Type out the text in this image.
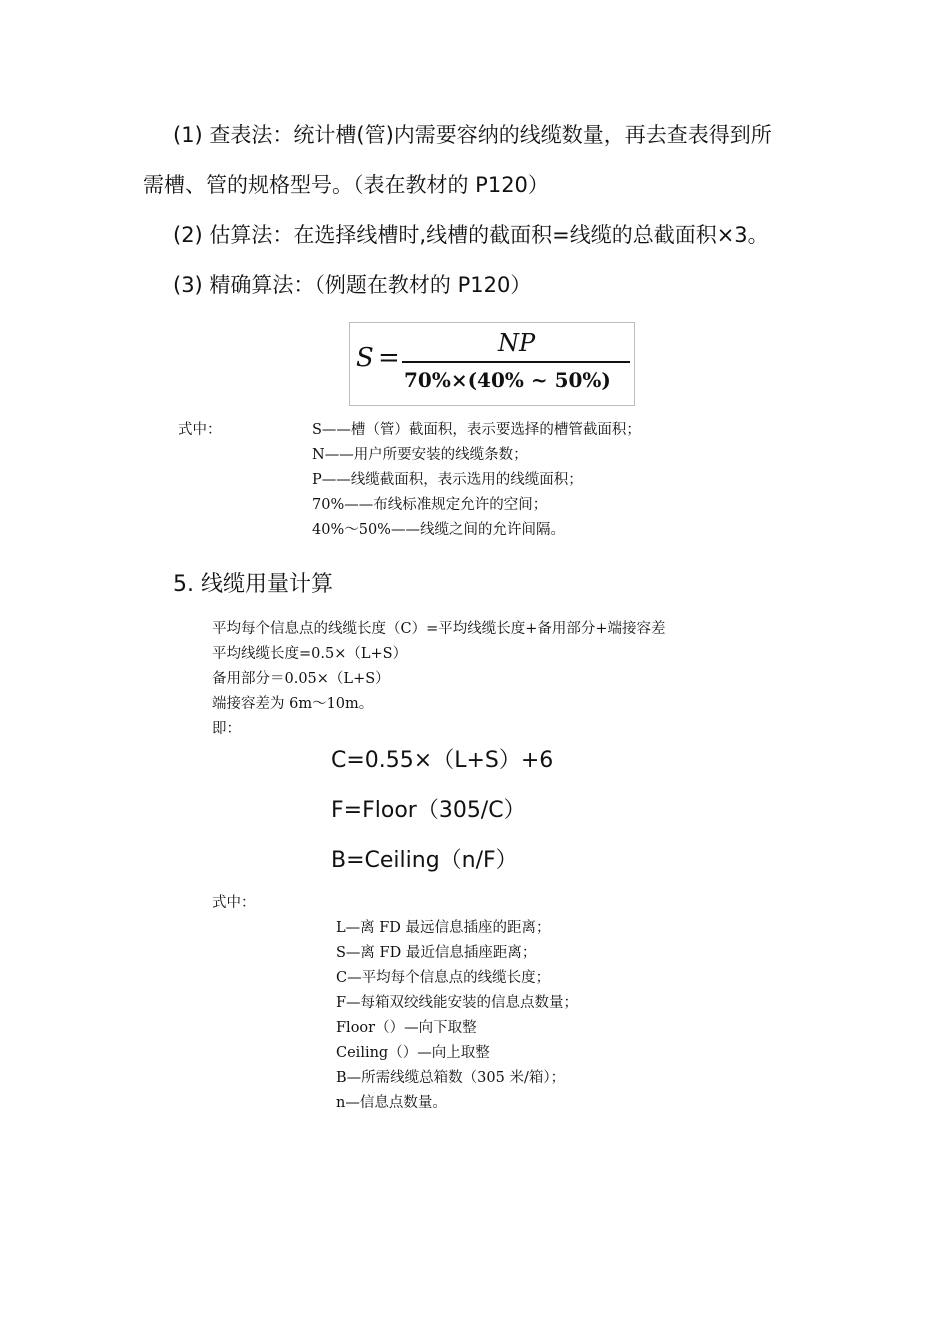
(1) 查表法：统计槽(管)内需要容纳的线缆数量，再去查表得到所
需槽、管的规格型号。（表在教材的 P120）
(2) 估算法：在选择线槽时,线槽的截面积=线缆的总截面积×3。
(3) 精确算法：（例题在教材的 P120）
S =	NP
70%×(40% ~ 50%)
式中：	S——槽（管）截面积，表示要选择的槽管截面积；
N——用户所要安装的线缆条数；
P——线缆截面积，表示选用的线缆面积；
70%——布线标准规定允许的空间；
40%～50%——线缆之间的允许间隔。
5. 线缆用量计算
平均每个信息点的线缆长度（C）=平均线缆长度+备用部分+端接容差
平均线缆长度=0.5×（L+S）
备用部分＝0.05×（L+S）
端接容差为 6m～10m。
即：
C=0.55×（L+S）+6
F=Floor（305/C）
B=Ceiling（n/F）
式中：
L—离 FD 最远信息插座的距离；
S—离 FD 最近信息插座距离；
C—平均每个信息点的线缆长度；
F—每箱双绞线能安装的信息点数量；
Floor（）—向下取整
Ceiling（）—向上取整
B—所需线缆总箱数（305 米/箱）；
n—信息点数量。
